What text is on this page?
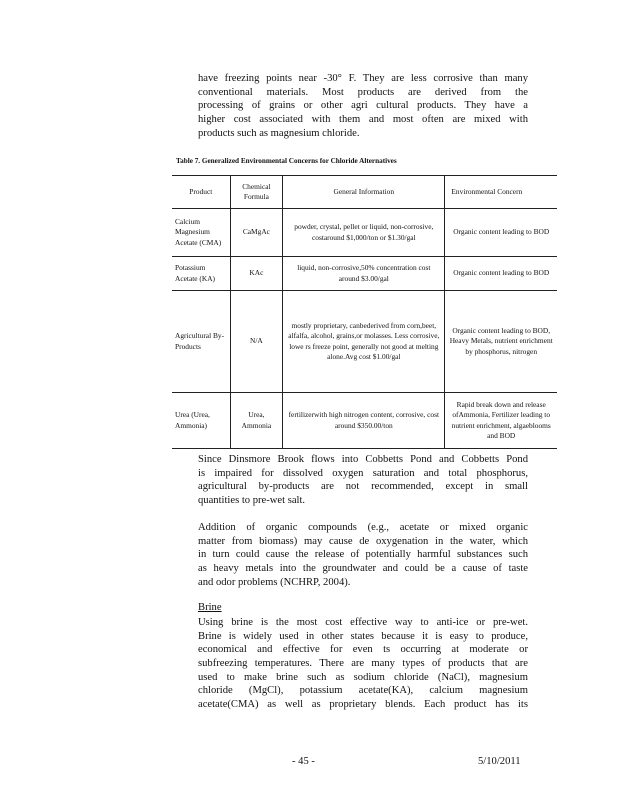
have freezing points near -30° F. They are less corrosive than many
conventional materials. Most products are derived from the
processing of grains or other agri cultural products. They have a
higher cost associated with them and most often are mixed with
products such as magnesium chloride.
Table 7. Generalized Environmental Concerns for Chloride Alternatives
Product	Chemical Formula	General Information	Environmental Concern
Calcium Magnesium Acetate (CMA)	CaMgAc	powder, crystal, pellet or liquid, non-corrosive, costaround $1,000/ton or $1.30/gal	Organic content leading to BOD
Potassium Acetate (KA)	KAc	liquid, non-corrosive,50% concentration cost around $3.00/gal	Organic content leading to BOD
Agricultural By-Products	N/A	mostly proprietary, canbederived from corn,beet, alfalfa, alcohol, grains,or molasses. Less corrosive, lowe rs freeze point, generally not good at melting alone.Avg cost $1.00/gal	Organic content leading to BOD, Heavy Metals, nutrient enrichment by phosphorus, nitrogen
Urea (Urea, Ammonia)	Urea, Ammonia	fertilizerwith high nitrogen content, corrosive, cost around $350.00/ton	Rapid break down and release ofAmmonia, Fertilizer leading to nutrient enrichment, algaeblooms and BOD
Since Dinsmore Brook flows into Cobbetts Pond and Cobbetts Pond
is impaired for dissolved oxygen saturation and total phosphorus,
agricultural by-products are not recommended, except in small
quantities to pre-wet salt.
Addition of organic compounds (e.g., acetate or mixed organic
matter from biomass) may cause de oxygenation in the water, which
in turn could cause the release of potentially harmful substances such
as heavy metals into the groundwater and could be a cause of taste
and odor problems (NCHRP, 2004).
Brine
Using brine is the most cost effective way to anti-ice or pre-wet.
Brine is widely used in other states because it is easy to produce,
economical and effective for even ts occurring at moderate or
subfreezing temperatures. There are many types of products that are
used to make brine such as sodium chloride (NaCl), magnesium
chloride (MgCl), potassium acetate(KA), calcium magnesium
acetate(CMA) as well as proprietary blends. Each product has its
- 45 -	5/10/2011
